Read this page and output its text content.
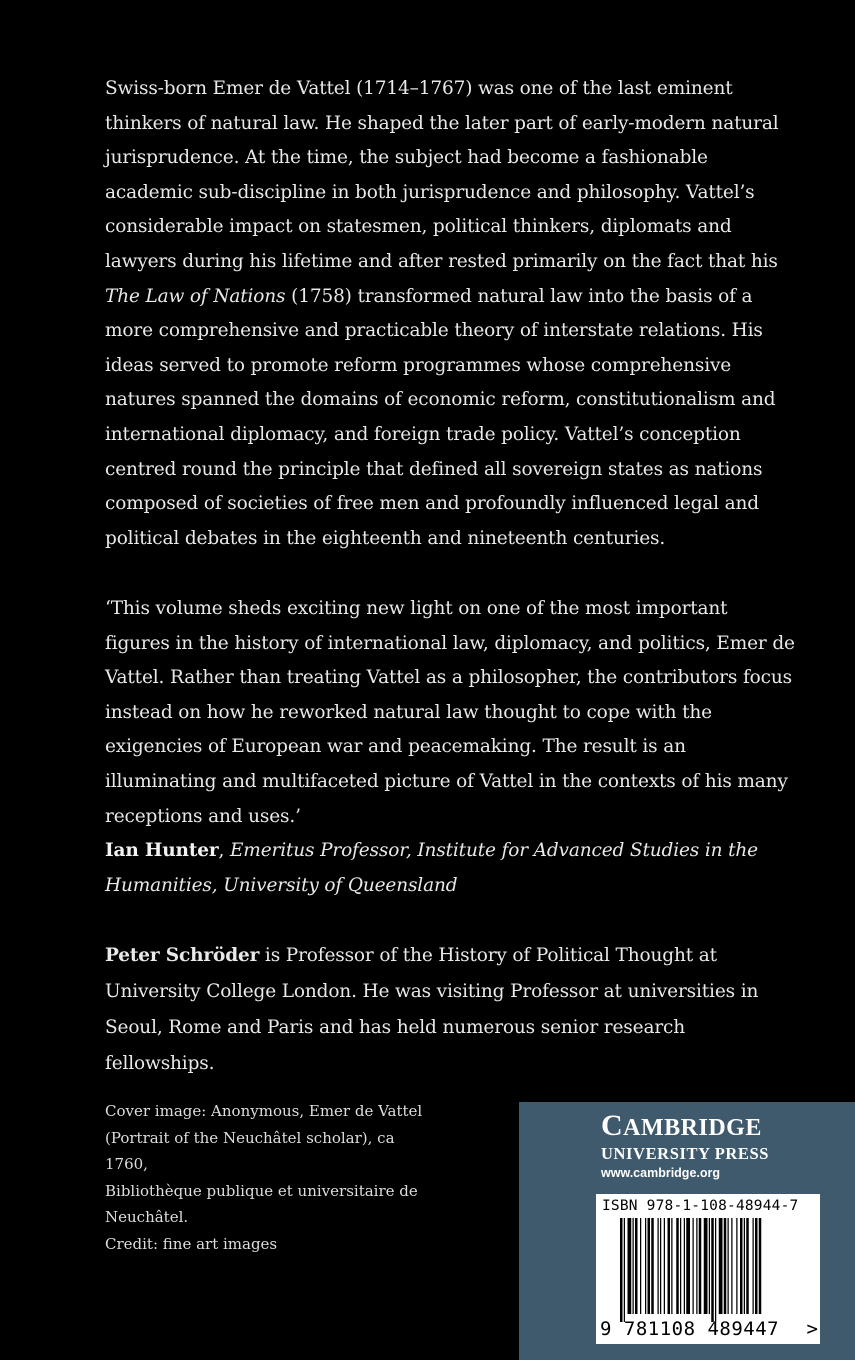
Swiss-born Emer de Vattel (1714–1767) was one of the last eminent thinkers of natural law. He shaped the later part of early-modern natural jurisprudence. At the time, the subject had become a fashionable academic sub-discipline in both jurisprudence and philosophy. Vattel’s considerable impact on statesmen, political thinkers, diplomats and lawyers during his lifetime and after rested primarily on the fact that his The Law of Nations (1758) transformed natural law into the basis of a more comprehensive and practicable theory of interstate relations. His ideas served to promote reform programmes whose comprehensive natures spanned the domains of economic reform, constitutionalism and international diplomacy, and foreign trade policy. Vattel’s conception centred round the principle that defined all sovereign states as nations composed of societies of free men and profoundly influenced legal and political debates in the eighteenth and nineteenth centuries.

‘This volume sheds exciting new light on one of the most important figures in the history of international law, diplomacy, and politics, Emer de Vattel. Rather than treating Vattel as a philosopher, the contributors focus instead on how he reworked natural law thought to cope with the exigencies of European war and peacemaking. The result is an illuminating and multifaceted picture of Vattel in the contexts of his many receptions and uses.’

Ian Hunter, Emeritus Professor, Institute for Advanced Studies in the Humanities, University of Queensland

Peter Schröder is Professor of the History of Political Thought at University College London. He was visiting Professor at universities in Seoul, Rome and Paris and has held numerous senior research fellowships.

Cover image: Anonymous, Emer de Vattel
(Portrait of the Neuchâtel scholar), ca 1760,
Bibliothèque publique et universitaire de
Neuchâtel.
Credit: fine art images
CAMBRIDGE
UNIVERSITY PRESS
www.cambridge.org
ISBN 978-1-108-48944-7
9 781108 489447 >
